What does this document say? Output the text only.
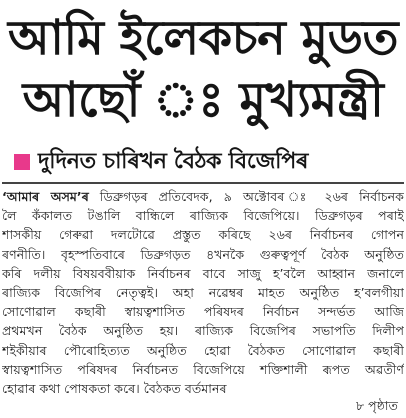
আমি ইলেকচন মুডত
আছোঁ ঃ মুখ্যমন্ত্ৰী
দুদিনত চাৰিখন বৈঠক বিজেপিৰ
‘আমাৰ অসম’ৰ ডিব্ৰুগড়ৰ প্ৰতিবেদক, ৯ অক্টোবৰ ঃ ২৬ৰ নিৰ্বাচনক
লৈ কঁকালত টঙালি বান্ধিলে ৰাজ্যিক বিজেপিয়ে। ডিব্ৰুগড়ৰ পৰাই
শাসকীয় গেৰুৱা দলটোৱে প্ৰস্তুত কৰিছে ২৬ৰ নিৰ্বাচনৰ গোপন
ৰণনীতি। বৃহস্পতিবাৰে ডিব্ৰুগড়ত ৪খনকৈ গুৰুত্বপূৰ্ণ বৈঠক অনুষ্ঠিত
কৰি দলীয় বিষয়ববীয়াক নিৰ্বাচনৰ বাবে সাজু হ’বলৈ আহ্বান জনালে
ৰাজ্যিক বিজেপিৰ নেতৃত্বই। অহা নৱেম্বৰ মাহত অনুষ্ঠিত হ’বলগীয়া
সোণোৱাল কছাৰী স্বায়ত্বশাসিত পৰিষদৰ নিৰ্বাচন সন্দৰ্ভত আজি
প্ৰথমখন বৈঠক অনুষ্ঠিত হয়। ৰাজ্যিক বিজেপিৰ সভাপতি দিলীপ
শইকীয়াৰ পৌৰোহিত্যত অনুষ্ঠিত হোৱা বৈঠকত সোণোৱাল কছাৰী
স্বায়ত্বশাসিত পৰিষদৰ নিৰ্বাচনত বিজেপিয়ে শক্তিশালী ৰূপত অৱতীৰ্ণ
হোৱাৰ কথা পোষকতা কৰে। বৈঠকত বৰ্তমানৰ
৮ পৃষ্ঠাত
